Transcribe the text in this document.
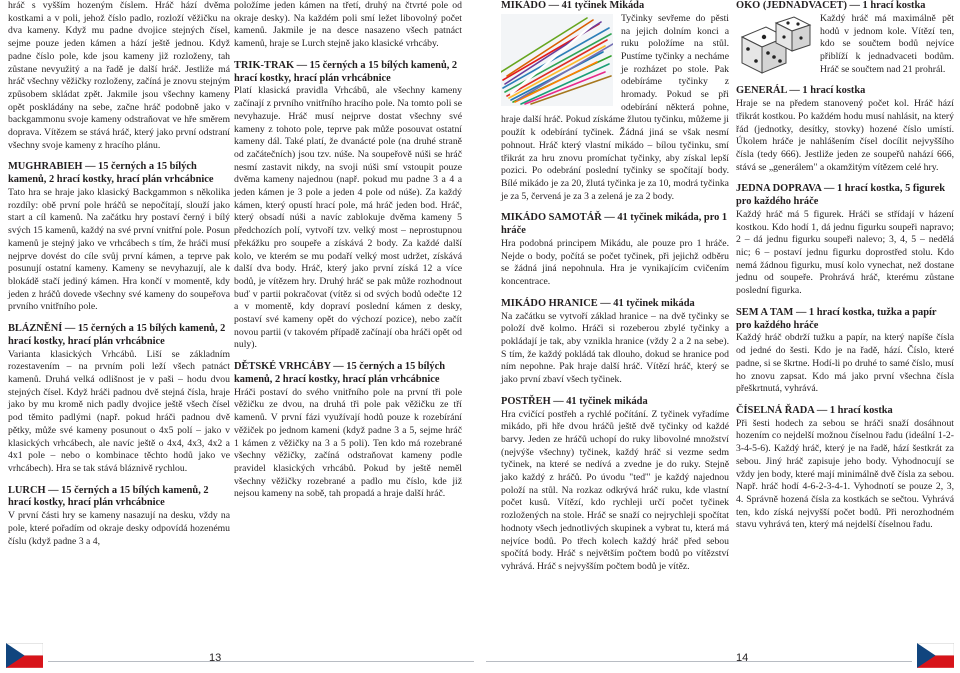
hráč s vyšším hozeným číslem. Hráč hází dvěma kostkami a v poli, jehož číslo padlo, rozloží věžičku na dva kameny. Když mu padne dvojice stejných čísel, sejme pouze jeden kámen a hází ještě jednou. Když padne číslo pole, kde jsou kameny již rozloženy, tah zůstane nevyužitý a na řadě je další hráč. Jestliže má hráč všechny věžičky rozloženy, začíná je znovu stejným způsobem skládat zpět. Jakmile jsou všechny kameny opět poskládány na sebe, začne hráč podobně jako v backgammonu svoje kameny odstraňovat ve hře směrem doprava. Vítězem se stává hráč, který jako první odstraní všechny svoje kameny z hracího plánu.

MUGHRABIEH — 15 černých a 15 bílých kamenů, 2 hrací kostky, hrací plán vrhcábnice

Tato hra se hraje jako klasický Backgammon s několika rozdíly: obě první pole hráčů se nepočítají, slouží jako start a cíl kamenů. Na začátku hry postaví černý i bílý svých 15 kamenů, každý na své první vnitřní pole. Posun kamenů je stejný jako ve vrhcábech s tím, že hráči musí nejprve dovést do cíle svůj první kámen, a teprve pak posunují ostatní kameny. Kameny se nevyhazují, ale k blokádě stačí jediný kámen. Hra končí v momentě, kdy jeden z hráčů dovede všechny své kameny do soupeřova prvního vnitřního pole.

BLÁZNĚNÍ — 15 černých a 15 bílých kamenů, 2 hrací kostky, hrací plán vrhcábnice

Varianta klasických Vrhcábů. Liší se základním rozestavením – na prvním poli leží všech patnáct kamenů. Druhá velká odlišnost je v paši – hodu dvou stejných čísel. Když hráči padnou dvě stejná čísla, hraje jako by mu kromě nich padly dvojice ještě všech čísel pod těmito padlými (např. pokud hráči padnou dvě pětky, může své kameny posunout o 4x5 polí – jako v klasických vrhcábech, ale navíc ještě o 4x4, 4x3, 4x2 a 4x1 pole – nebo o kombinace těchto hodů jako ve vrhcábech). Hra se tak stává bláznivě rychlou.

LURCH — 15 černých a 15 bílých kamenů, 2 hrací kostky, hrací plán vrhcábnice

V první části hry se kameny nasazují na desku, vždy na pole, které pořadím od okraje desky odpovídá hozenému číslu (když padne 3 a 4,

položíme jeden kámen na třetí, druhý na čtvrté pole od okraje desky). Na každém poli smí ležet libovolný počet kamenů. Jakmile je na desce nasazeno všech patnáct kamenů, hraje se Lurch stejně jako klasické vrhcáby.

TRIK-TRAK — 15 černých a 15 bílých kamenů, 2 hrací kostky, hrací plán vrhcábnice

Platí klasická pravidla Vrhcábů, ale všechny kameny začínají z prvního vnitřního hracího pole. Na tomto poli se nevyhazuje. Hráč musí nejprve dostat všechny své kameny z tohoto pole, teprve pak může posouvat ostatní kameny dál. Také platí, že dvanácté pole (na druhé straně od začátečních) jsou tzv. núše. Na soupeřově núši se hráč nesmí zastavit nikdy, na svoji núši smí vstoupit pouze dvěma kameny najednou (např. pokud mu padne 3 a 4 a jeden kámen je 3 pole a jeden 4 pole od núše). Za každý kámen, který opustí hrací pole, má hráč jeden bod. Hráč, který obsadí núši a navíc zablokuje dvěma kameny 5 předchozích polí, vytvoří tzv. velký most – neprostupnou překážku pro soupeře a získává 2 body. Za každé další kolo, ve kterém se mu podaří velký most udržet, získává další dva body. Hráč, který jako první získá 12 a více bodů, je vítězem hry. Druhý hráč se pak může rozhodnout buď v partii pokračovat (vítěz si od svých bodů odečte 12 a v momentě, kdy dopraví poslední kámen z desky, postaví své kameny opět do výchozí pozice), nebo začít novou partii (v takovém případě začínají oba hráči opět od nuly).

DĚTSKÉ VRHCÁBY — 15 černých a 15 bílých kamenů, 2 hrací kostky, hrací plán vrhcábnice

Hráči postaví do svého vnitřního pole na první tři pole věžičku ze dvou, na druhá tři pole pak věžičku ze tří kamenů. V první fázi využívají hodů pouze k rozebírání věžiček po jednom kameni (když padne 3 a 5, sejme hráč 1 kámen z věžičky na 3 a 5 poli). Ten kdo má rozebrané všechny věžičky, začíná odstraňovat kameny podle pravidel klasických vrhcábů. Pokud by ještě neměl všechny věžičky rozebrané a padlo mu číslo, kde již nejsou kameny na sobě, tah propadá a hraje další hráč.

MIKÁDO — 41 tyčinek Mikáda

Tyčinky sevřeme do pěsti na jejich dolním konci a ruku položíme na stůl. Pustíme tyčinky a necháme je rozházet po stole. Pak odebíráme tyčinky z hromady. Pokud se při odebírání některá pohne, hraje další hráč. Pokud získáme žlutou tyčinku, můžeme ji použít k odebírání tyčinek. Žádná jiná se však nesmí pohnout. Hráč který vlastní mikádo – bílou tyčinku, smí třikrát za hru znovu promíchat tyčinky, aby získal lepší pozici. Po odebrání poslední tyčinky se spočítají body. Bílé mikádo je za 20, žlutá tyčinka je za 10, modrá tyčinka je za 5, červená je za 3 a zelená je za 2 body.

MIKÁDO SAMOTÁŘ — 41 tyčinek mikáda, pro 1 hráče

Hra podobná principem Mikádu, ale pouze pro 1 hráče. Nejde o body, počítá se počet tyčinek, při jejichž odběru se žádná jiná nepohnula. Hra je vynikajícím cvičením koncentrace.

MIKÁDO HRANICE — 41 tyčinek mikáda

Na začátku se vytvoří základ hranice – na dvě tyčinky se položí dvě kolmo. Hráči si rozeberou zbylé tyčinky a pokládají je tak, aby vznikla hranice (vždy 2 a 2 na sebe). S tím, že každý pokládá tak dlouho, dokud se hranice pod ním nepohne. Pak hraje další hráč. Vítězí hráč, který se jako první zbaví všech tyčinek.

POSTŘEH — 41 tyčinek mikáda

Hra cvičící postřeh a rychlé počítání. Z tyčinek vyřadíme mikádo, při hře dvou hráčů ještě dvě tyčinky od každé barvy. Jeden ze hráčů uchopí do ruky libovolné množství (nejvýše všechny) tyčinek, každý hráč si vezme sedm tyčinek, na které se nedívá a zvedne je do ruky. Stejně jako každý z hráčů. Po úvodu "teď" je každý najednou položí na stůl. Na rozkaz odkrývá hráč ruku, kde vlastní počet kusů. Vítězí, kdo rychleji určí počet tyčinek rozložených na stole. Hráč se snaží co nejrychleji spočítat hodnoty všech jednotlivých skupinek a vybrat tu, která má nejvíce bodů. Po třech kolech každý hráč před sebou spočítá body. Hráč s největším počtem bodů po vítězství vyhrává. Hráč s nejvyšším počtem bodů je vítěz.

OKO (JEDNADVACET) — 1 hrací kostka

Každý hráč má maximálně pět hodů v jednom kole. Vítězí ten, kdo se součtem bodů nejvíce přiblíží k jednadvaceti bodům. Hráč se součtem nad 21 prohrál.

GENERÁL — 1 hrací kostka

Hraje se na předem stanovený počet kol. Hráč hází třikrát kostkou. Po každém hodu musí nahlásit, na který řád (jednotky, desítky, stovky) hozené číslo umístí. Úkolem hráče je nahlášením čísel docílit nejvyššího čísla (tedy 666). Jestliže jeden ze soupeřů nahází 666, stává se „generálem" a okamžitým vítězem celé hry.

JEDNA DOPRAVA — 1 hrací kostka, 5 figurek pro každého hráče

Každý hráč má 5 figurek. Hráči se střídají v házení kostkou. Kdo hodí 1, dá jednu figurku soupeři napravo; 2 – dá jednu figurku soupeři nalevo; 3, 4, 5 – nedělá nic; 6 – postaví jednu figurku doprostřed stolu. Kdo nemá žádnou figurku, musí kolo vynechat, než dostane jednu od soupeře. Prohrává hráč, kterému zůstane poslední figurka.

SEM A TAM — 1 hrací kostka, tužka a papír pro každého hráče

Každý hráč obdrží tužku a papír, na který napíše čísla od jedné do šesti. Kdo je na řadě, hází. Číslo, které padne, si se škrtne. Hodí-li po druhé to samé číslo, musí ho znovu zapsat. Kdo má jako první všechna čísla přeškrtnutá, vyhrává.

ČÍSELNÁ ŘADA — 1 hrací kostka

Při šesti hodech za sebou se hráči snaží dosáhnout hozením co nejdelší možnou číselnou řadu (ideální 1-2-3-4-5-6). Každý hráč, který je na řadě, hází šestkrát za sebou. Jiný hráč zapisuje jeho body. Vyhodnocují se vždy jen body, které mají minimálně dvě čísla za sebou. Např. hráč hodí 4-6-2-3-4-1. Vyhodnotí se pouze 2, 3, 4. Správně hozená čísla za kostkách se sečtou. Vyhrává ten, kdo získá nejvyšší počet bodů. Při nerozhodném stavu vyhrává ten, který má nejdelší číselnou řadu.

13	14
